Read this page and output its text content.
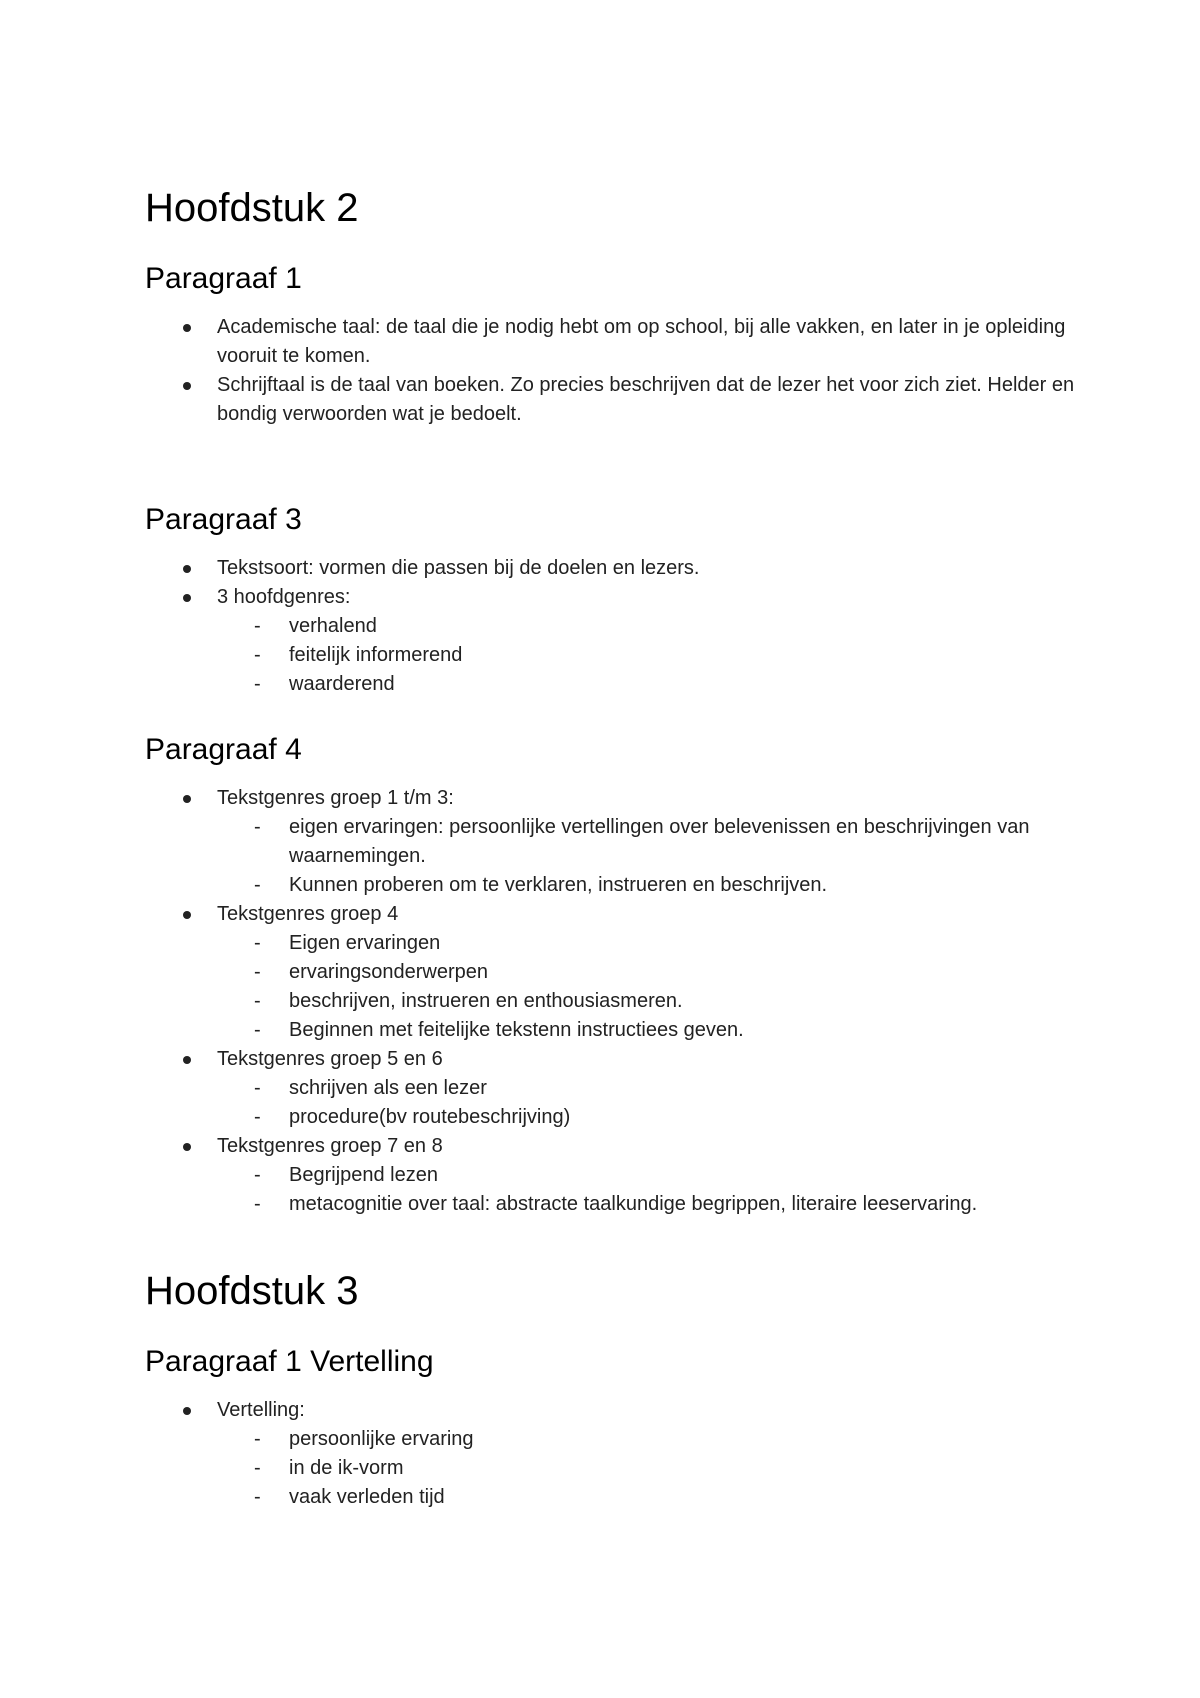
Hoofdstuk 2
Paragraaf 1
Academische taal: de taal die je nodig hebt om op school, bij alle vakken, en later in je opleiding vooruit te komen.
Schrijftaal is de taal van boeken. Zo precies beschrijven dat de lezer het voor zich ziet. Helder en bondig verwoorden wat je bedoelt.
Paragraaf 3
Tekstsoort: vormen die passen bij de doelen en lezers.
3 hoofdgenres:
- verhalend
- feitelijk informerend
- waarderend
Paragraaf 4
Tekstgenres groep 1 t/m 3:
- eigen ervaringen: persoonlijke vertellingen over belevenissen en beschrijvingen van waarnemingen.
- Kunnen proberen om te verklaren, instrueren en beschrijven.
Tekstgenres groep 4
- Eigen ervaringen
- ervaringsonderwerpen
- beschrijven, instrueren en enthousiasmeren.
- Beginnen met feitelijke tekstenn instructiees geven.
Tekstgenres groep 5 en 6
- schrijven als een lezer
- procedure(bv routebeschrijving)
Tekstgenres groep 7 en 8
- Begrijpend lezen
- metacognitie over taal: abstracte taalkundige begrippen, literaire leeservaring.
Hoofdstuk 3
Paragraaf 1 Vertelling
Vertelling:
- persoonlijke ervaring
- in de ik-vorm
- vaak verleden tijd
